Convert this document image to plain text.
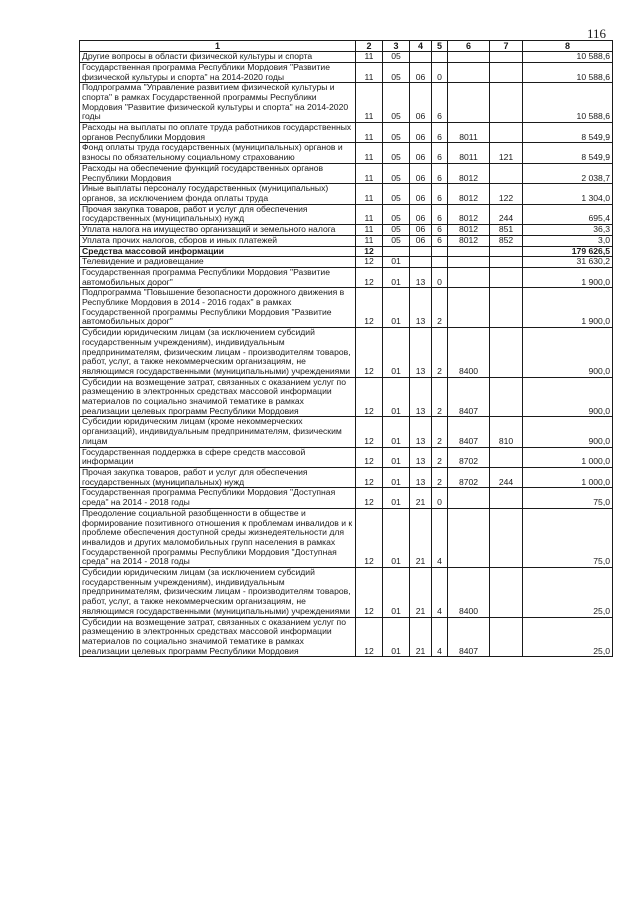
116
1	2	3	4	5	6	7	8
Другие вопросы в области физической культуры и спорта	11	05					10 588,6
Государственная программа Республики Мордовия "Развитие физической культуры и спорта" на 2014-2020 годы	11	05	06	0			10 588,6
Подпрограмма "Управление развитием физической культуры и спорта" в рамках Государственной программы Республики Мордовия "Развитие физической культуры и спорта" на 2014-2020 годы	11	05	06	6			10 588,6
Расходы на выплаты по оплате труда работников государственных органов Республики Мордовия	11	05	06	6	8011		8 549,9
Фонд оплаты труда государственных (муниципальных) органов и взносы по обязательному социальному страхованию	11	05	06	6	8011	121	8 549,9
Расходы на обеспечение функций государственных органов Республики Мордовия	11	05	06	6	8012		2 038,7
Иные выплаты персоналу государственных (муниципальных) органов, за исключением фонда оплаты труда	11	05	06	6	8012	122	1 304,0
Прочая закупка товаров, работ и услуг для обеспечения государственных (муниципальных) нужд	11	05	06	6	8012	244	695,4
Уплата налога на имущество организаций и земельного налога	11	05	06	6	8012	851	36,3
Уплата прочих налогов, сборов и иных платежей	11	05	06	6	8012	852	3,0
Средства массовой информации	12						179 626,5
Телевидение и радиовещание	12	01					31 630,2
Государственная программа Республики Мордовия "Развитие автомобильных дорог"	12	01	13	0			1 900,0
Подпрограмма "Повышение безопасности дорожного движения в Республике Мордовия в 2014 - 2016 годах" в рамках Государственной программы Республики Мордовия "Развитие автомобильных дорог"	12	01	13	2			1 900,0
Субсидии юридическим лицам (за исключением субсидий государственным учреждениям), индивидуальным предпринимателям, физическим лицам - производителям товаров, работ, услуг, а также некоммерческим организациям, не являющимся государственными (муниципальными) учреждениями	12	01	13	2	8400		900,0
Субсидии на возмещение затрат, связанных с оказанием услуг по размещению в электронных средствах массовой информации материалов по социально значимой тематике в рамках реализации целевых программ Республики Мордовия	12	01	13	2	8407		900,0
Субсидии юридическим лицам (кроме некоммерческих организаций), индивидуальным предпринимателям, физическим лицам	12	01	13	2	8407	810	900,0
Государственная поддержка в сфере средств массовой информации	12	01	13	2	8702		1 000,0
Прочая закупка товаров, работ и услуг для обеспечения государственных (муниципальных) нужд	12	01	13	2	8702	244	1 000,0
Государственная программа Республики Мордовия "Доступная среда" на 2014 - 2018 годы	12	01	21	0			75,0
Преодоление социальной разобщенности в обществе и формирование позитивного отношения к проблемам инвалидов и к проблеме обеспечения доступной среды жизнедеятельности для инвалидов и других маломобильных групп населения в рамках Государственной программы Республики Мордовия "Доступная среда" на 2014 - 2018 годы	12	01	21	4			75,0
Субсидии юридическим лицам (за исключением субсидий государственным учреждениям), индивидуальным предпринимателям, физическим лицам - производителям товаров, работ, услуг, а также некоммерческим организациям, не являющимся государственными (муниципальными) учреждениями	12	01	21	4	8400		25,0
Субсидии на возмещение затрат, связанных с оказанием услуг по размещению в электронных средствах массовой информации материалов по социально значимой тематике в рамках реализации целевых программ Республики Мордовия	12	01	21	4	8407		25,0
